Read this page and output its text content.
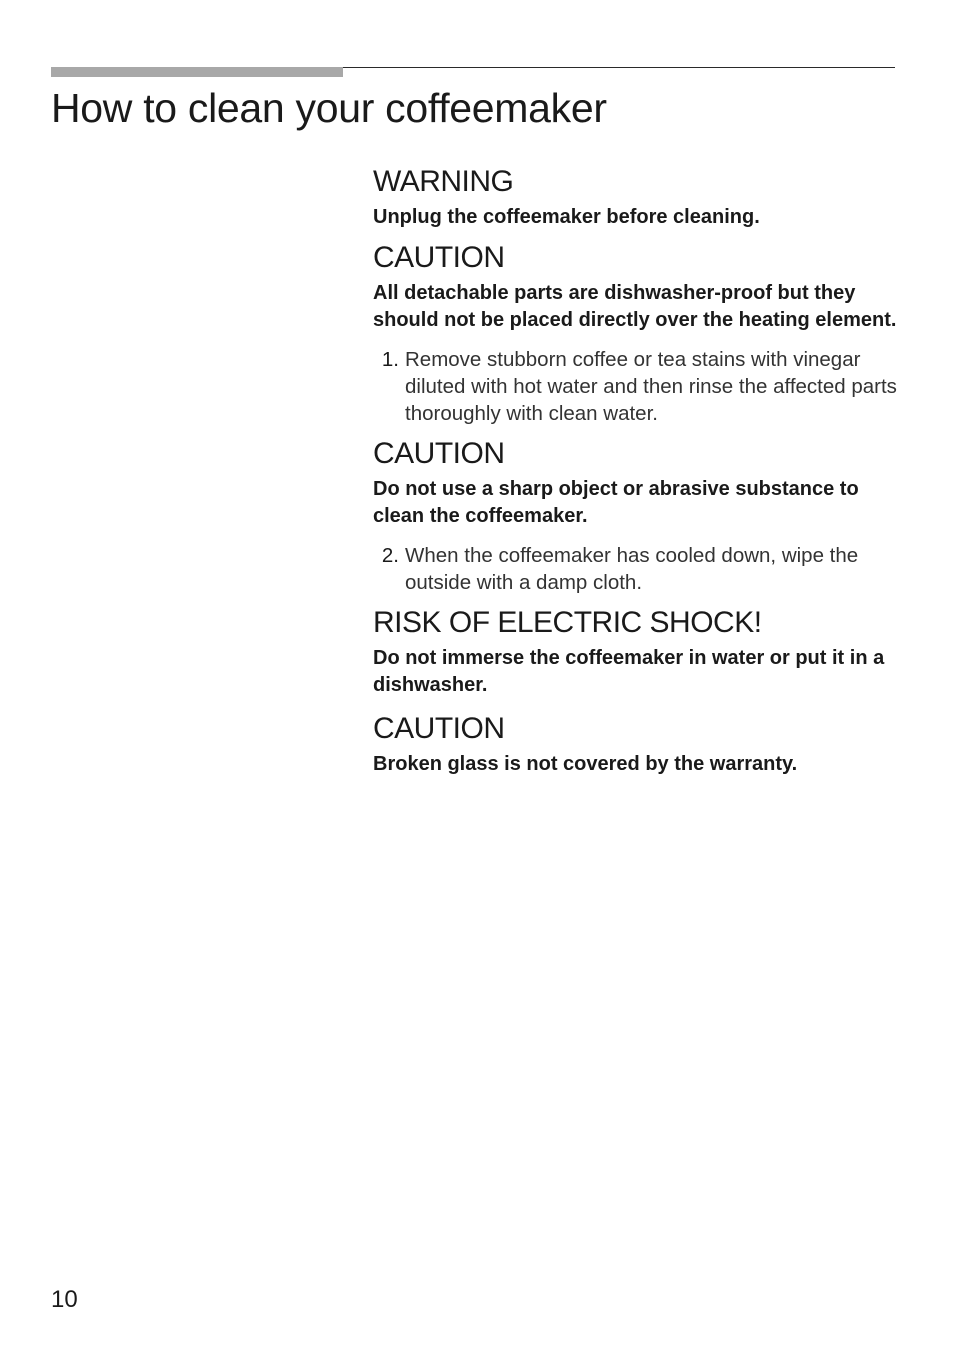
How to clean your coffeemaker
WARNING

Unplug the coffeemaker before cleaning.

CAUTION

All detachable parts are dishwasher-proof but they should not be placed directly over the heating element.

1. Remove stubborn coffee or tea stains with vinegar diluted with hot water and then rinse the affected parts thoroughly with clean water.
CAUTION

Do not use a sharp object or abrasive substance to clean the coffeemaker.

2. When the coffeemaker has cooled down, wipe the outside with a damp cloth.
RISK OF ELECTRIC SHOCK!

Do not immerse the coffeemaker in water or put it in a dishwasher.

CAUTION

Broken glass is not covered by the warranty.

10
